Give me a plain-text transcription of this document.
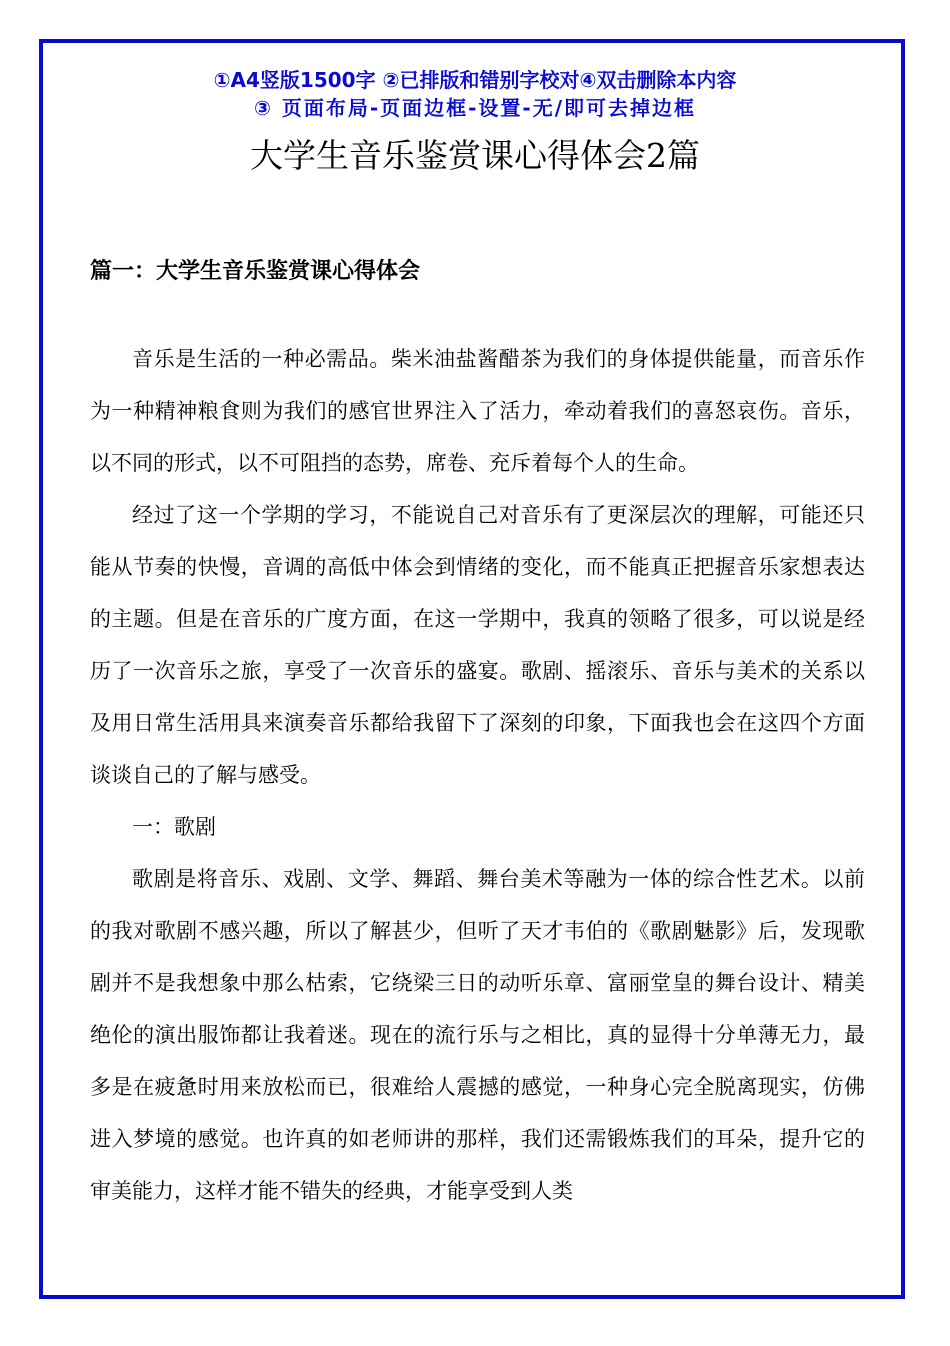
①A4竖版1500字 ②已排版和错别字校对④双击删除本内容
③ 页面布局-页面边框-设置-无/即可去掉边框
大学生音乐鉴赏课心得体会2篇
篇一：大学生音乐鉴赏课心得体会

音乐是生活的一种必需品。柴米油盐酱醋茶为我们的身体提供能量，而音乐作为一种精神粮食则为我们的感官世界注入了活力，牵动着我们的喜怒哀伤。音乐，以不同的形式，以不可阻挡的态势，席卷、充斥着每个人的生命。

经过了这一个学期的学习，不能说自己对音乐有了更深层次的理解，可能还只能从节奏的快慢，音调的高低中体会到情绪的变化，而不能真正把握音乐家想表达的主题。但是在音乐的广度方面，在这一学期中，我真的领略了很多，可以说是经历了一次音乐之旅，享受了一次音乐的盛宴。歌剧、摇滚乐、音乐与美术的关系以及用日常生活用具来演奏音乐都给我留下了深刻的印象，下面我也会在这四个方面谈谈自己的了解与感受。

一：歌剧

歌剧是将音乐、戏剧、文学、舞蹈、舞台美术等融为一体的综合性艺术。以前的我对歌剧不感兴趣，所以了解甚少，但听了天才韦伯的《歌剧魅影》后，发现歌剧并不是我想象中那么枯索，它绕梁三日的动听乐章、富丽堂皇的舞台设计、精美绝伦的演出服饰都让我着迷。现在的流行乐与之相比，真的显得十分单薄无力，最多是在疲惫时用来放松而已，很难给人震撼的感觉，一种身心完全脱离现实，仿佛进入梦境的感觉。也许真的如老师讲的那样，我们还需锻炼我们的耳朵，提升它的审美能力，这样才能不错失的经典，才能享受到人类
